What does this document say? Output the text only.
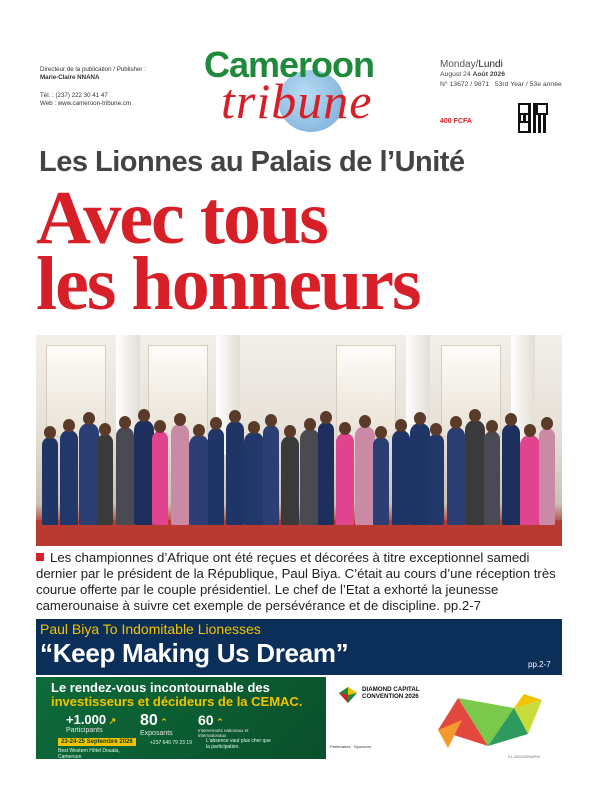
Directeur de la publication / Publisher :
Marie-Claire NNANA
Tél. : (237) 222 30 41 47
Web : www.cameroon-tribune.cm
Cameroon
tribune
Monday/Lundi
August 24 Août 2026
N° 13672 / 9871 53rd Year / 53e année
400 FCFA
Les Lionnes au Palais de l’Unité
Avec tous
les honneurs
Les championnes d’Afrique ont été reçues et décorées à titre exceptionnel samedi dernier par le président de la République, Paul Biya. C’était au cours d’une réception très courue offerte par le couple présidentiel. Le chef de l’Etat a exhorté la jeunesse camerounaise à suivre cet exemple de persévérance et de discipline. pp.2-7
Paul Biya To Indomitable Lionesses
“Keep Making Us Dream”	pp.2-7
Le rendez-vous incontournable des
investisseurs et décideurs de la CEMAC.
+1.000 ↗
Participants
80 ⌃
Exposants
60 ⌃
Intervenants nationaux et internationaux
23-24-25 Septembre 2026
Best Western Hôtel Douala, Cameroun
+237 640 79 23 19	L'absence vaut plus cher que la participation.
DIAMOND CAPITAL CONVENTION 2026
Partenaires · Sponsors
01-2026/2056/PM
